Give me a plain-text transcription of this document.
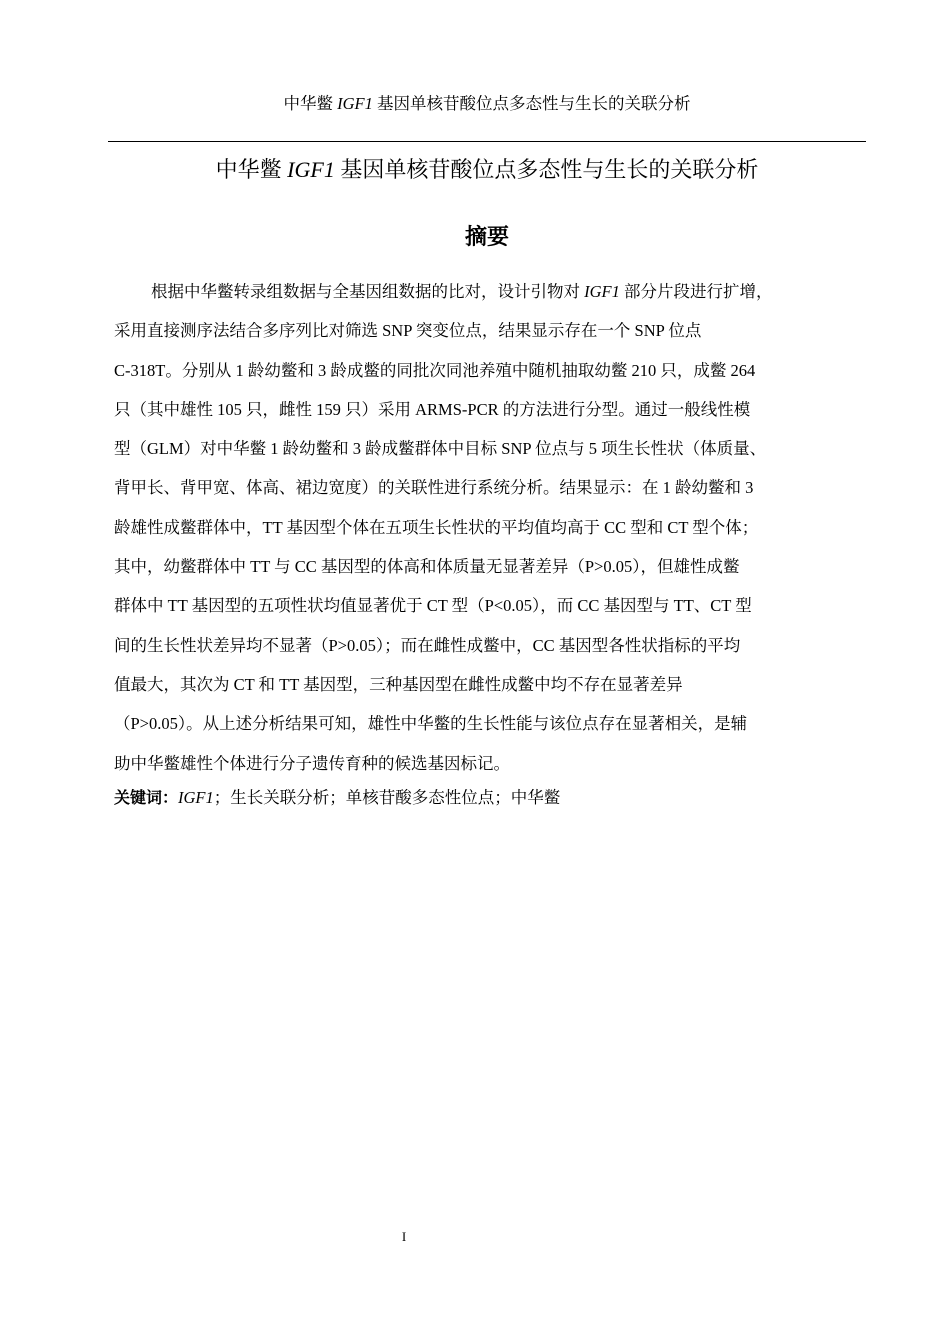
中华鳖 IGF1 基因单核苷酸位点多态性与生长的关联分析
中华鳖 IGF1 基因单核苷酸位点多态性与生长的关联分析
摘要
根据中华鳖转录组数据与全基因组数据的比对，设计引物对 IGF1 部分片段进行扩增，
采用直接测序法结合多序列比对筛选 SNP 突变位点，结果显示存在一个 SNP 位点
C-318T。分别从 1 龄幼鳖和 3 龄成鳖的同批次同池养殖中随机抽取幼鳖 210 只，成鳖 264
只（其中雄性 105 只，雌性 159 只）采用 ARMS-PCR 的方法进行分型。通过一般线性模
型（GLM）对中华鳖 1 龄幼鳖和 3 龄成鳖群体中目标 SNP 位点与 5 项生长性状（体质量、
背甲长、背甲宽、体高、裙边宽度）的关联性进行系统分析。结果显示：在 1 龄幼鳖和 3
龄雄性成鳖群体中，TT 基因型个体在五项生长性状的平均值均高于 CC 型和 CT 型个体；
其中，幼鳖群体中 TT 与 CC 基因型的体高和体质量无显著差异（P>0.05），但雄性成鳖
群体中 TT 基因型的五项性状均值显著优于 CT 型（P<0.05），而 CC 基因型与 TT、CT 型
间的生长性状差异均不显著（P>0.05）；而在雌性成鳖中，CC 基因型各性状指标的平均
值最大，其次为 CT 和 TT 基因型，三种基因型在雌性成鳖中均不存在显著差异
（P>0.05）。从上述分析结果可知，雄性中华鳖的生长性能与该位点存在显著相关，是辅
助中华鳖雄性个体进行分子遗传育种的候选基因标记。
关键词：IGF1；生长关联分析；单核苷酸多态性位点；中华鳖
I
